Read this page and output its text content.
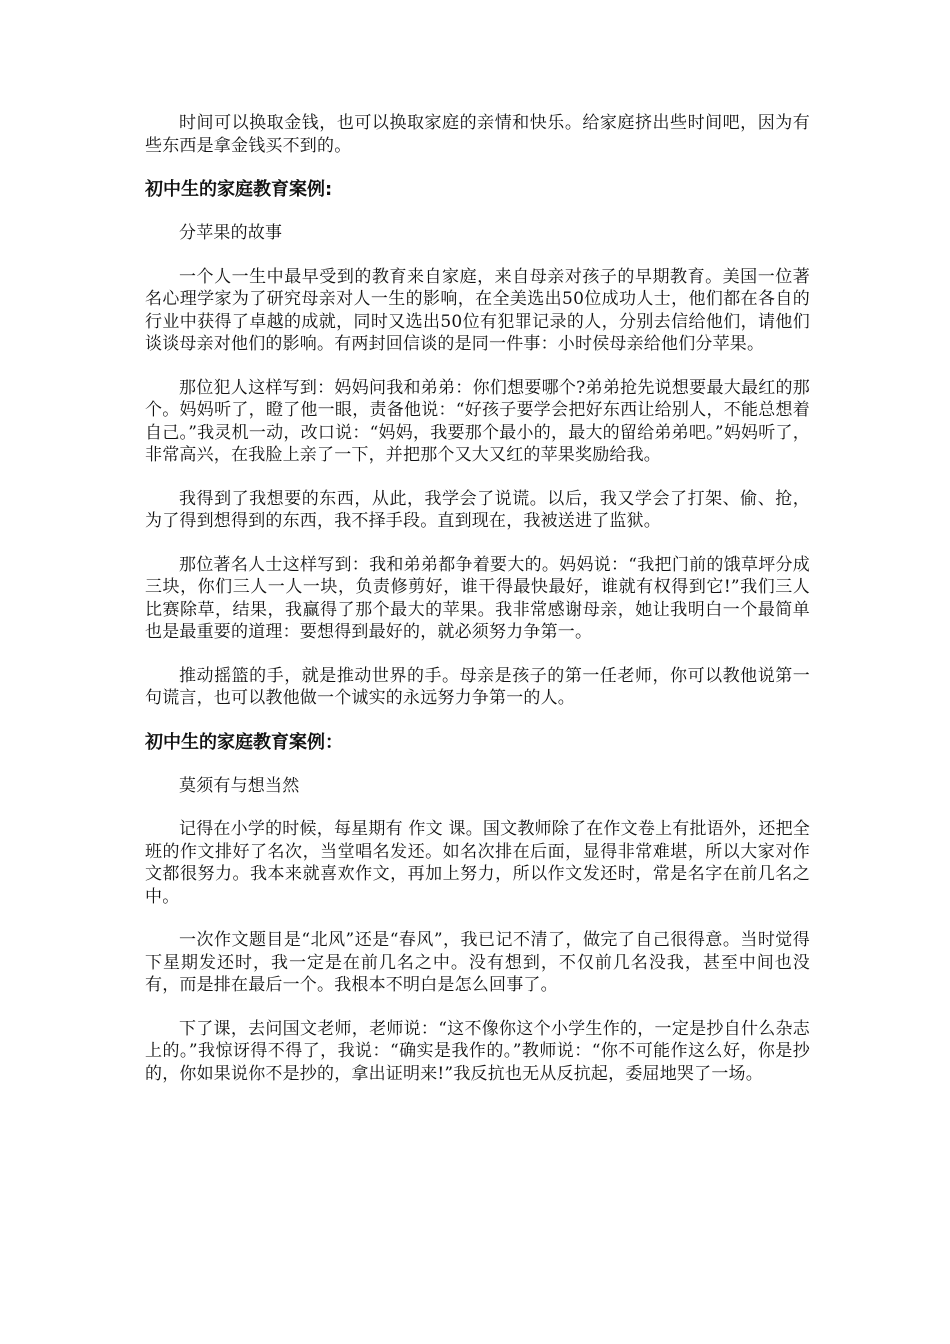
时间可以换取金钱，也可以换取家庭的亲情和快乐。给家庭挤出些时间吧，因为有些东西是拿金钱买不到的。

初中生的家庭教育案例:

分苹果的故事

一个人一生中最早受到的教育来自家庭，来自母亲对孩子的早期教育。美国一位著名心理学家为了研究母亲对人一生的影响，在全美选出50位成功人士，他们都在各自的行业中获得了卓越的成就，同时又选出50位有犯罪记录的人，分别去信给他们，请他们谈谈母亲对他们的影响。有两封回信谈的是同一件事：小时侯母亲给他们分苹果。

那位犯人这样写到：妈妈问我和弟弟：你们想要哪个?弟弟抢先说想要最大最红的那个。妈妈听了，瞪了他一眼，责备他说：“好孩子要学会把好东西让给别人，不能总想着自己。”我灵机一动，改口说：“妈妈，我要那个最小的，最大的留给弟弟吧。”妈妈听了，非常高兴，在我脸上亲了一下，并把那个又大又红的苹果奖励给我。

我得到了我想要的东西，从此，我学会了说谎。以后，我又学会了打架、偷、抢，为了得到想得到的东西，我不择手段。直到现在，我被送进了监狱。

那位著名人士这样写到：我和弟弟都争着要大的。妈妈说：“我把门前的饿草坪分成三块，你们三人一人一块，负责修剪好，谁干得最快最好，谁就有权得到它!”我们三人比赛除草，结果，我赢得了那个最大的苹果。我非常感谢母亲，她让我明白一个最简单也是最重要的道理：要想得到最好的，就必须努力争第一。

推动摇篮的手，就是推动世界的手。母亲是孩子的第一任老师，你可以教他说第一句谎言，也可以教他做一个诚实的永远努力争第一的人。

初中生的家庭教育案例：

莫须有与想当然

记得在小学的时候，每星期有 作文 课。国文教师除了在作文卷上有批语外，还把全班的作文排好了名次，当堂唱名发还。如名次排在后面，显得非常难堪，所以大家对作文都很努力。我本来就喜欢作文，再加上努力，所以作文发还时，常是名字在前几名之中。

一次作文题目是“北风”还是“春风”，我已记不清了，做完了自己很得意。当时觉得下星期发还时，我一定是在前几名之中。没有想到，不仅前几名没我，甚至中间也没有，而是排在最后一个。我根本不明白是怎么回事了。

下了课，去问国文老师，老师说：“这不像你这个小学生作的，一定是抄自什么杂志上的。”我惊讶得不得了，我说：“确实是我作的。”教师说：“你不可能作这么好，你是抄的，你如果说你不是抄的，拿出证明来!”我反抗也无从反抗起，委屈地哭了一场。
